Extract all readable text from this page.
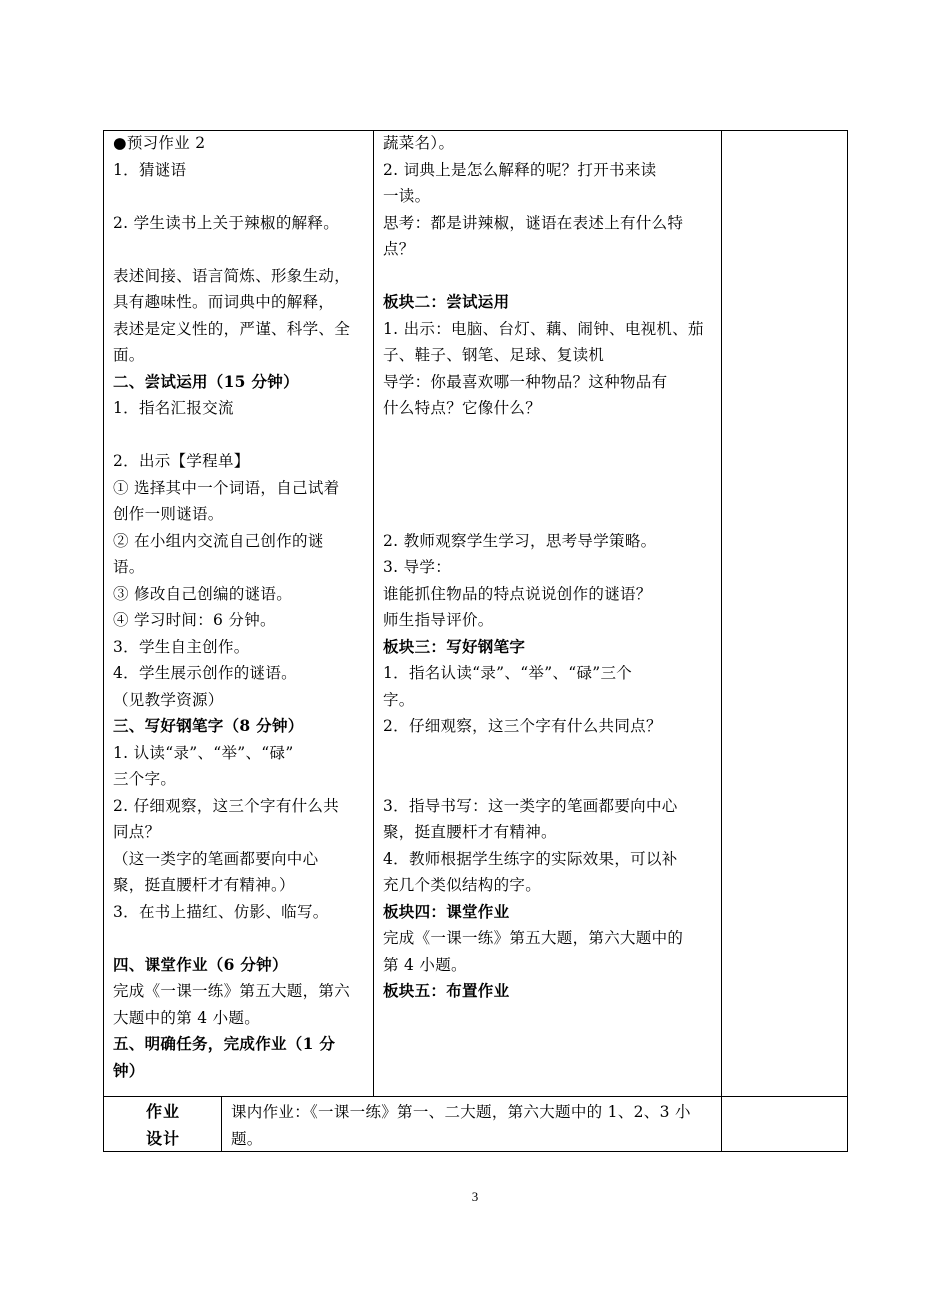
●预习作业 2

1．猜谜语

2. 学生读书上关于辣椒的解释。

表述间接、语言简炼、形象生动，

具有趣味性。而词典中的解释，

表述是定义性的，严谨、科学、全

面。

二、尝试运用（15 分钟）

1．指名汇报交流

2．出示【学程单】

① 选择其中一个词语，自己试着

创作一则谜语。

② 在小组内交流自己创作的谜

语。

③ 修改自己创编的谜语。

④ 学习时间：6 分钟。

3．学生自主创作。

4．学生展示创作的谜语。

（见教学资源）

三、写好钢笔字（8 分钟）

1. 认读“录”、“举”、“碌”

三个字。

2. 仔细观察，这三个字有什么共

同点？

（这一类字的笔画都要向中心

聚，挺直腰杆才有精神。）

3．在书上描红、仿影、临写。

四、课堂作业（6 分钟）

完成《一课一练》第五大题，第六

大题中的第 4 小题。

五、明确任务，完成作业（1 分

钟）

蔬菜名）。

2. 词典上是怎么解释的呢？打开书来读

一读。

思考：都是讲辣椒，谜语在表述上有什么特

点？

板块二：尝试运用

1. 出示：电脑、台灯、藕、闹钟、电视机、茄

子、鞋子、钢笔、足球、复读机

导学：你最喜欢哪一种物品？这种物品有

什么特点？它像什么？

2. 教师观察学生学习，思考导学策略。

3. 导学：

谁能抓住物品的特点说说创作的谜语？

师生指导评价。

板块三：写好钢笔字

1．指名认读“录”、“举”、“碌”三个

字。

2．仔细观察，这三个字有什么共同点？

3．指导书写：这一类字的笔画都要向中心

聚，挺直腰杆才有精神。

4．教师根据学生练字的实际效果，可以补

充几个类似结构的字。

板块四：课堂作业

完成《一课一练》第五大题，第六大题中的

第 4 小题。

板块五：布置作业

作业
设计
课内作业：《一课一练》第一、二大题，第六大题中的 1、2、3 小
题。
3
